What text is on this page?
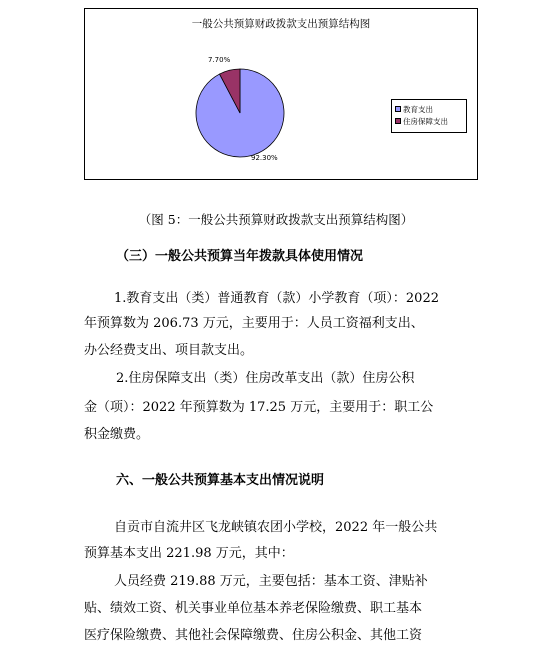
一般公共预算财政拨款支出预算结构图
92.30%
7.70%
教育支出
住房保障支出
（图 5：一般公共预算财政拨款支出预算结构图）
（三）一般公共预算当年拨款具体使用情况
1.教育支出（类）普通教育（款）小学教育（项）：2022
年预算数为 206.73 万元，主要用于：人员工资福利支出、
办公经费支出、项目款支出。
2.住房保障支出（类）住房改革支出（款）住房公积
金（项）：2022 年预算数为 17.25 万元，主要用于：职工公
积金缴费。
六、一般公共预算基本支出情况说明
自贡市自流井区飞龙峡镇农团小学校，2022 年一般公共
预算基本支出 221.98 万元，其中：
人员经费 219.88 万元，主要包括：基本工资、津贴补
贴、绩效工资、机关事业单位基本养老保险缴费、职工基本
医疗保险缴费、其他社会保障缴费、住房公积金、其他工资
